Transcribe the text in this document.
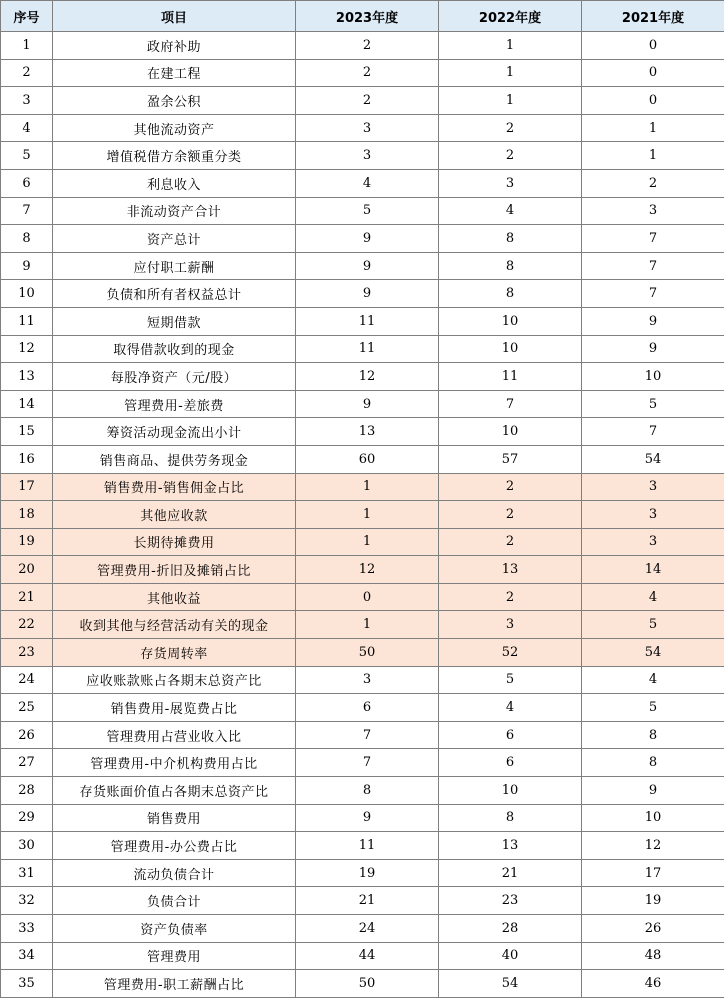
序号	项目	2023年度	2022年度	2021年度
1	政府补助	2	1	0
2	在建工程	2	1	0
3	盈余公积	2	1	0
4	其他流动资产	3	2	1
5	增值税借方余额重分类	3	2	1
6	利息收入	4	3	2
7	非流动资产合计	5	4	3
8	资产总计	9	8	7
9	应付职工薪酬	9	8	7
10	负债和所有者权益总计	9	8	7
11	短期借款	11	10	9
12	取得借款收到的现金	11	10	9
13	每股净资产（元/股）	12	11	10
14	管理费用-差旅费	9	7	5
15	筹资活动现金流出小计	13	10	7
16	销售商品、提供劳务现金	60	57	54
17	销售费用-销售佣金占比	1	2	3
18	其他应收款	1	2	3
19	长期待摊费用	1	2	3
20	管理费用-折旧及摊销占比	12	13	14
21	其他收益	0	2	4
22	收到其他与经营活动有关的现金	1	3	5
23	存货周转率	50	52	54
24	应收账款账占各期末总资产比	3	5	4
25	销售费用-展览费占比	6	4	5
26	管理费用占营业收入比	7	6	8
27	管理费用-中介机构费用占比	7	6	8
28	存货账面价值占各期末总资产比	8	10	9
29	销售费用	9	8	10
30	管理费用-办公费占比	11	13	12
31	流动负债合计	19	21	17
32	负债合计	21	23	19
33	资产负债率	24	28	26
34	管理费用	44	40	48
35	管理费用-职工薪酬占比	50	54	46
